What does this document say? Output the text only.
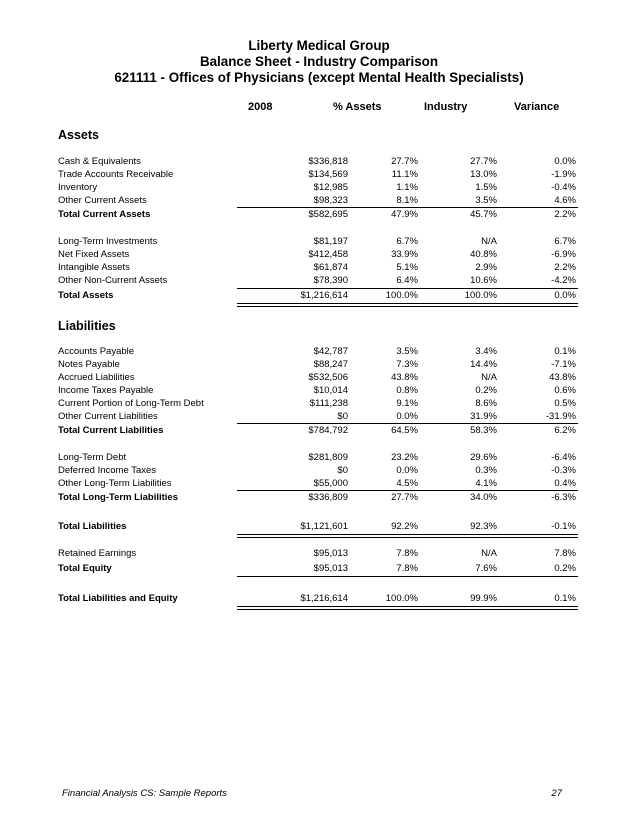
Liberty Medical Group
Balance Sheet - Industry Comparison
621111 - Offices of Physicians (except Mental Health Specialists)
2008	% Assets	Industry	Variance
Assets
Liabilities
Cash & Equivalents	$336,818	27.7%	27.7%	0.0%
Trade Accounts Receivable	$134,569	11.1%	13.0%	-1.9%
Inventory	$12,985	1.1%	1.5%	-0.4%
Other Current Assets	$98,323	8.1%	3.5%	4.6%
Total Current Assets	$582,695	47.9%	45.7%	2.2%
Long-Term Investments	$81,197	6.7%	N/A	6.7%
Net Fixed Assets	$412,458	33.9%	40.8%	-6.9%
Intangible Assets	$61,874	5.1%	2.9%	2.2%
Other Non-Current Assets	$78,390	6.4%	10.6%	-4.2%
Total Assets	$1,216,614	100.0%	100.0%	0.0%
Accounts Payable	$42,787	3.5%	3.4%	0.1%
Notes Payable	$88,247	7.3%	14.4%	-7.1%
Accrued Liabilities	$532,506	43.8%	N/A	43.8%
Income Taxes Payable	$10,014	0.8%	0.2%	0.6%
Current Portion of Long-Term Debt	$111,238	9.1%	8.6%	0.5%
Other Current Liabilities	$0	0.0%	31.9%	-31.9%
Total Current Liabilities	$784,792	64.5%	58.3%	6.2%
Long-Term Debt	$281,809	23.2%	29.6%	-6.4%
Deferred Income Taxes	$0	0.0%	0.3%	-0.3%
Other Long-Term Liabilities	$55,000	4.5%	4.1%	0.4%
Total Long-Term Liabilities	$336,809	27.7%	34.0%	-6.3%
Total Liabilities	$1,121,601	92.2%	92.3%	-0.1%
Retained Earnings	$95,013	7.8%	N/A	7.8%
Total Equity	$95,013	7.8%	7.6%	0.2%
Total Liabilities and Equity	$1,216,614	100.0%	99.9%	0.1%
Financial Analysis CS: Sample Reports	27
